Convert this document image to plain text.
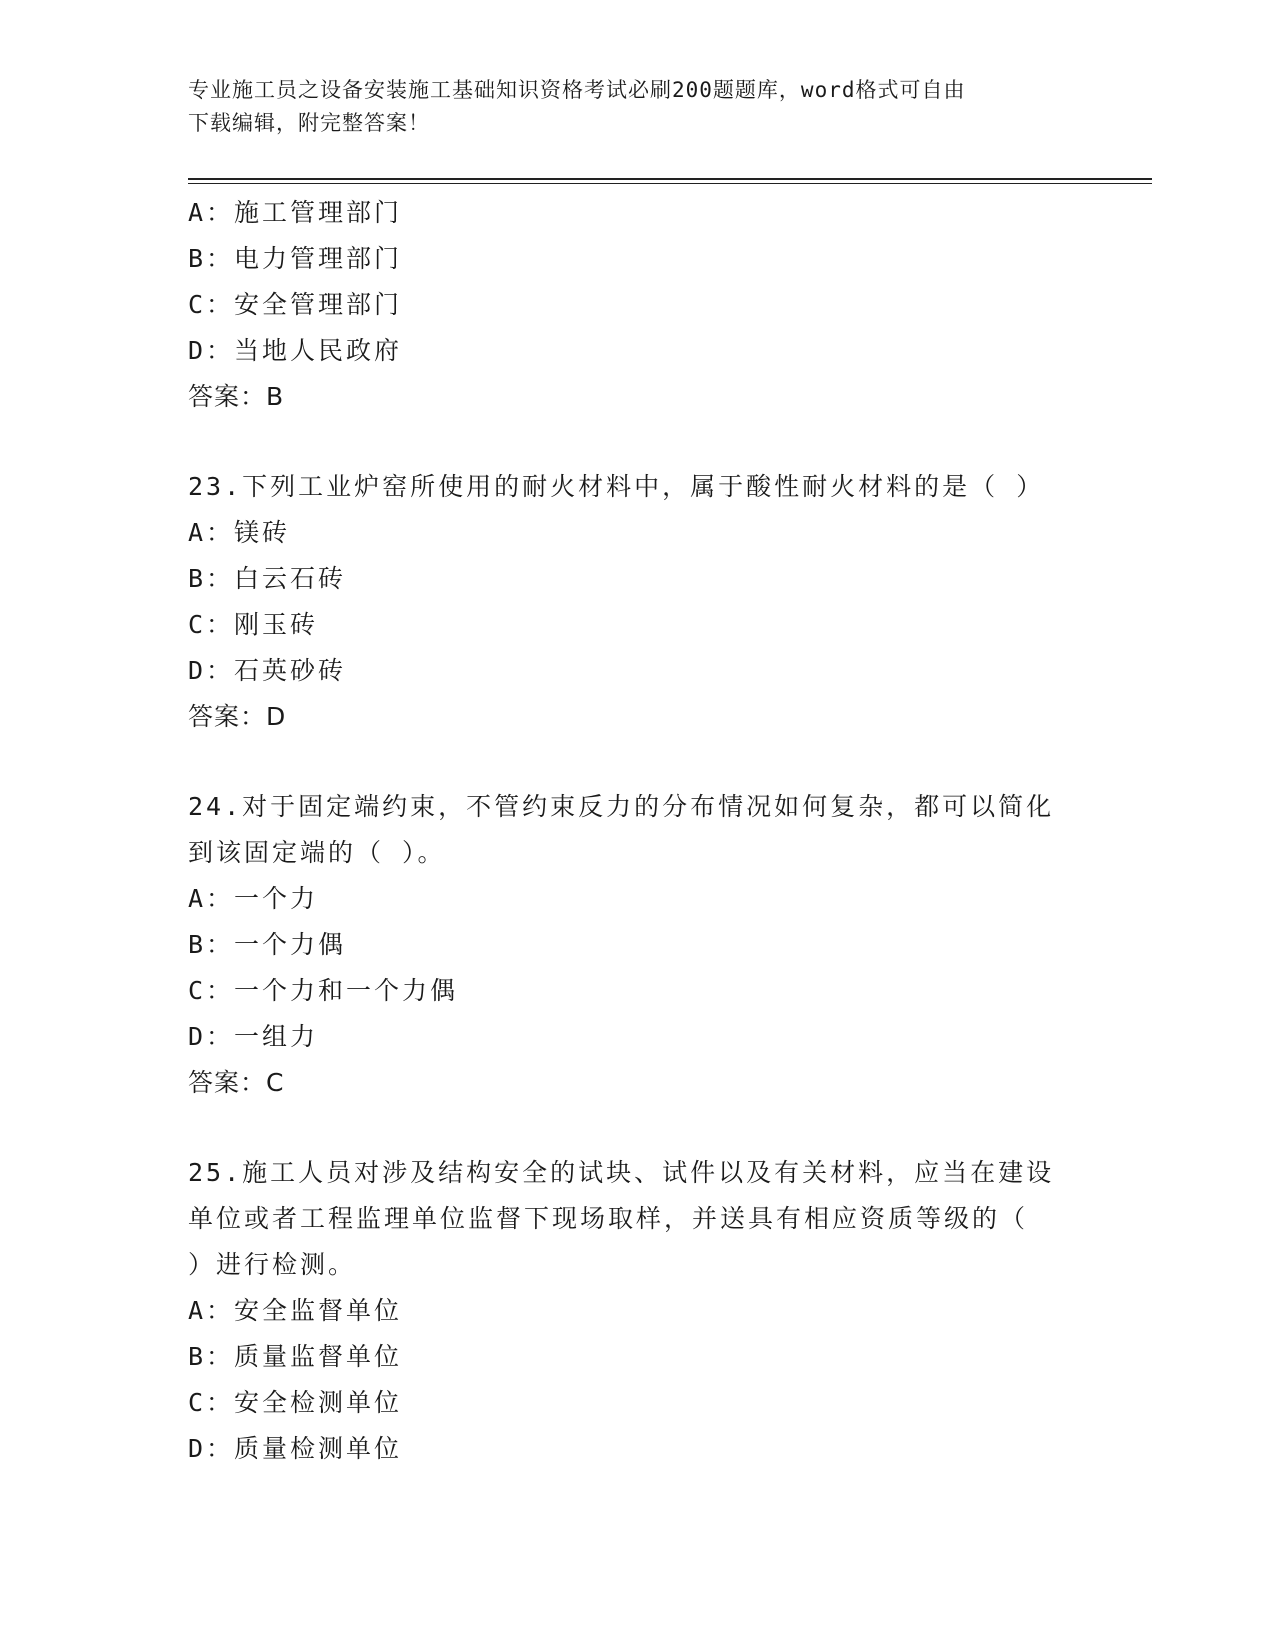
专业施工员之设备安装施工基础知识资格考试必刷200题题库，word格式可自由
下载编辑，附完整答案！
A：施工管理部门
B：电力管理部门
C：安全管理部门
D：当地人民政府
答案：B
23.下列工业炉窑所使用的耐火材料中，属于酸性耐火材料的是（ ）
A：镁砖
B：白云石砖
C：刚玉砖
D：石英砂砖
答案：D
24.对于固定端约束，不管约束反力的分布情况如何复杂，都可以简化
到该固定端的（ ）。
A：一个力
B：一个力偶
C：一个力和一个力偶
D：一组力
答案：C
25.施工人员对涉及结构安全的试块、试件以及有关材料，应当在建设
单位或者工程监理单位监督下现场取样，并送具有相应资质等级的（
）进行检测。
A：安全监督单位
B：质量监督单位
C：安全检测单位
D：质量检测单位
